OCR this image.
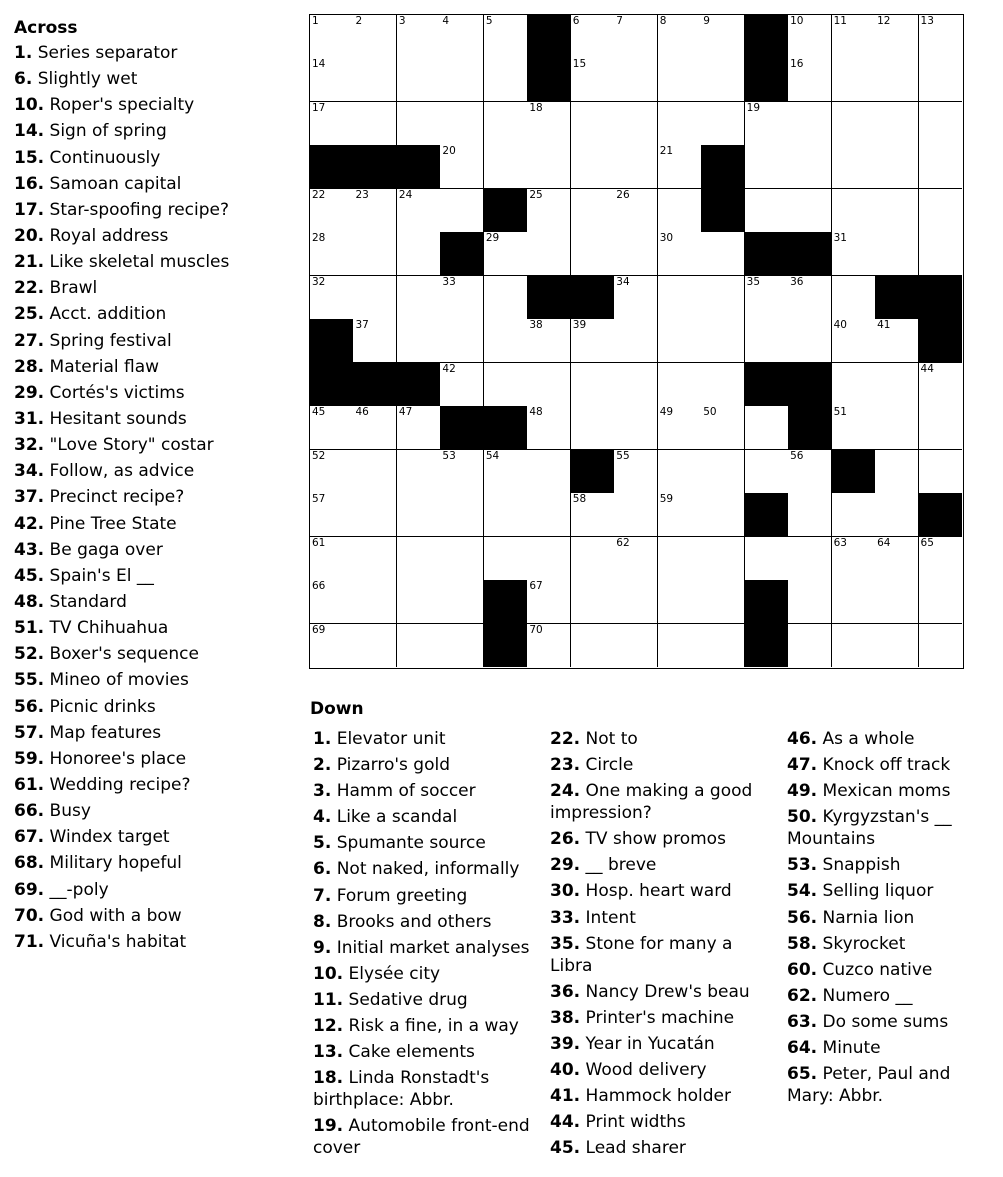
Across
1. Series separator
6. Slightly wet
10. Roper's specialty
14. Sign of spring
15. Continuously
16. Samoan capital
17. Star-spoofing recipe?
20. Royal address
21. Like skeletal muscles
22. Brawl
25. Acct. addition
27. Spring festival
28. Material flaw
29. Cortés's victims
31. Hesitant sounds
32. "Love Story" costar
34. Follow, as advice
37. Precinct recipe?
42. Pine Tree State
43. Be gaga over
45. Spain's El __
48. Standard
51. TV Chihuahua
52. Boxer's sequence
55. Mineo of movies
56. Picnic drinks
57. Map features
59. Honoree's place
61. Wedding recipe?
66. Busy
67. Windex target
68. Military hopeful
69. __-poly
70. God with a bow
71. Vicuña's habitat
1	2	3	4	5	6	7	8	9	10	11	12	13
14	15	16
17	18	19
20	21
22	23	24	25	26
28	29	30	31
32	33	34	35	36
37	38	39	40	41
42	44
45	46	47	48	49	50	51
52	53	54	55	56
57	58	59
61	62	63	64	65
66	67
69	70
Down
1. Elevator unit
2. Pizarro's gold
3. Hamm of soccer
4. Like a scandal
5. Spumante source
6. Not naked, informally
7. Forum greeting
8. Brooks and others
9. Initial market analyses
10. Elysée city
11. Sedative drug
12. Risk a fine, in a way
13. Cake elements
18. Linda Ronstadt's birthplace: Abbr.
19. Automobile front-end cover
22. Not to
23. Circle
24. One making a good impression?
26. TV show promos
29. __ breve
30. Hosp. heart ward
33. Intent
35. Stone for many a Libra
36. Nancy Drew's beau
38. Printer's machine
39. Year in Yucatán
40. Wood delivery
41. Hammock holder
44. Print widths
45. Lead sharer
46. As a whole
47. Knock off track
49. Mexican moms
50. Kyrgyzstan's __ Mountains
53. Snappish
54. Selling liquor
56. Narnia lion
58. Skyrocket
60. Cuzco native
62. Numero __
63. Do some sums
64. Minute
65. Peter, Paul and Mary: Abbr.
